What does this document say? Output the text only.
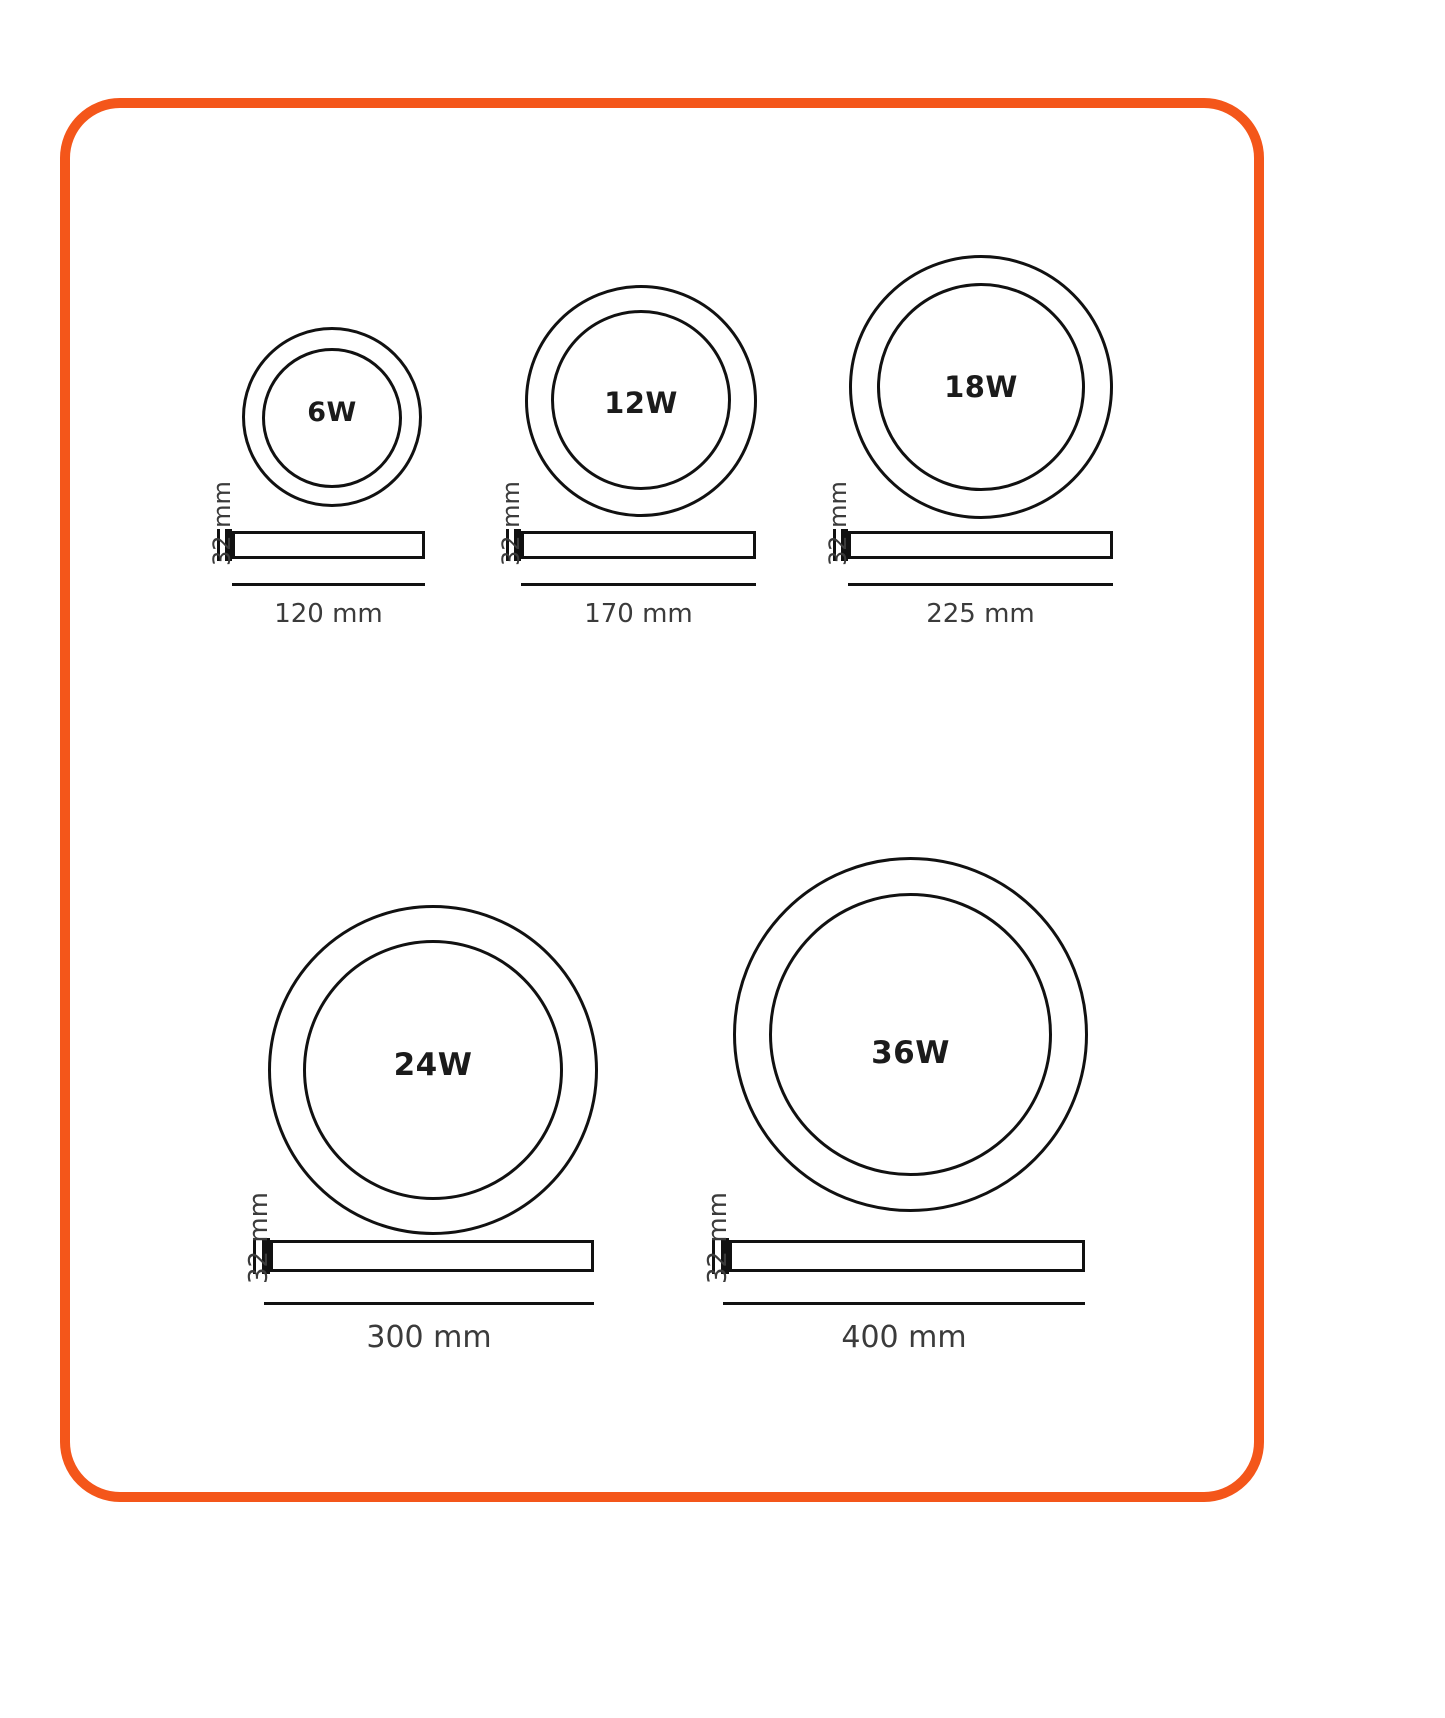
6W
32 mm
120 mm
12W
32 mm
170 mm
18W
32 mm
225 mm
24W
32 mm
300 mm
36W
32 mm
400 mm
